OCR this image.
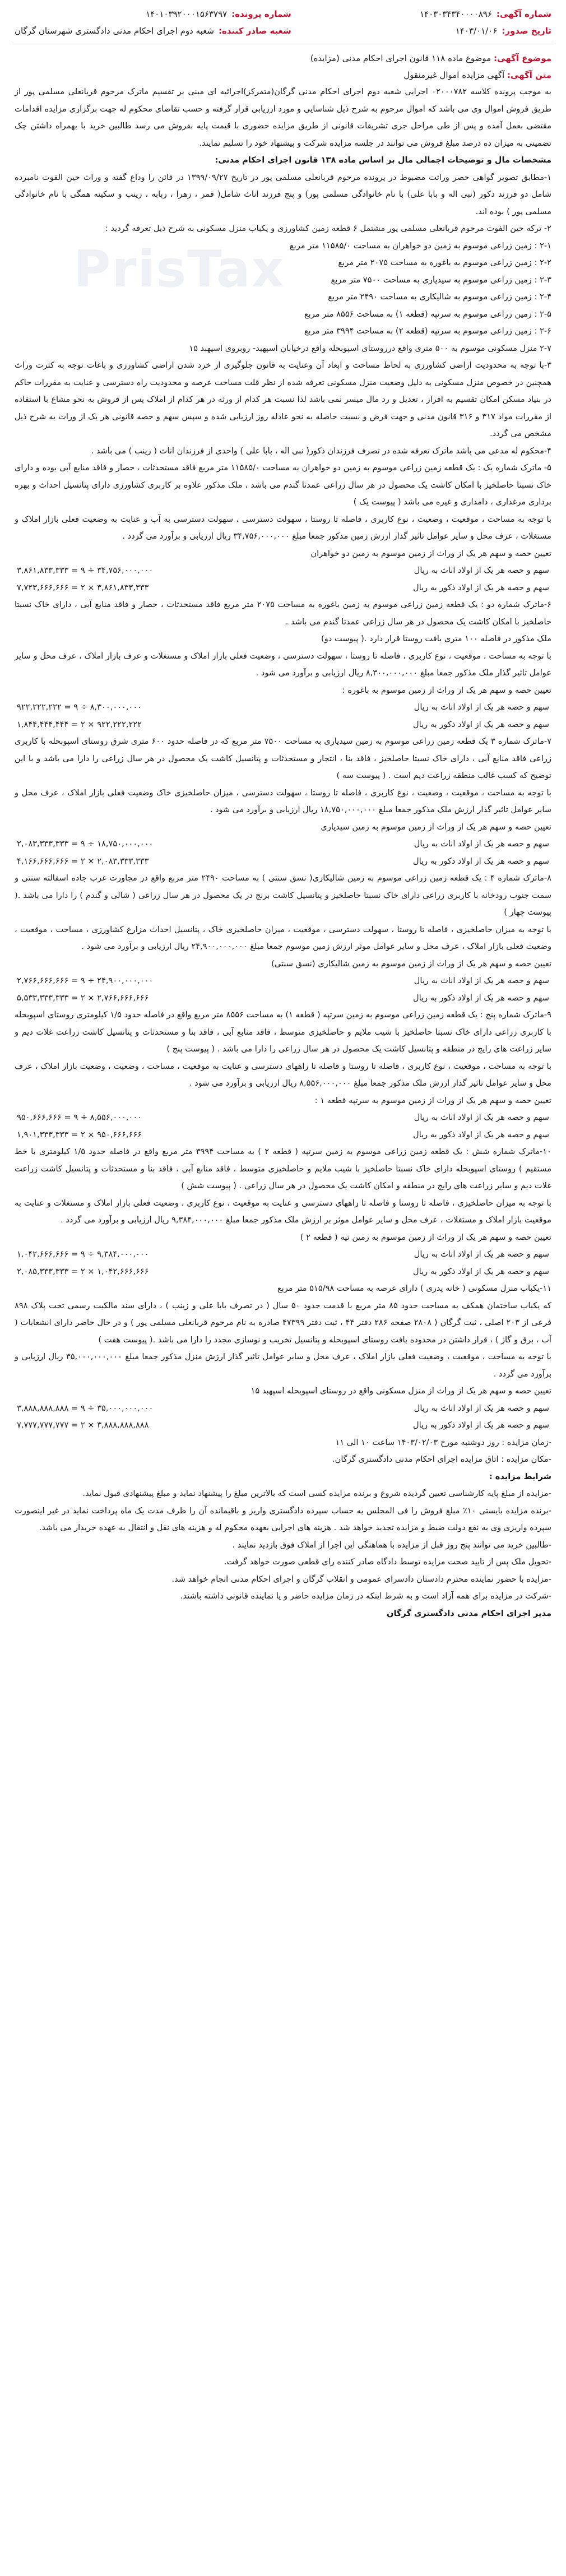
PrisTax
شماره آگهی:
۱۴۰۳۰۳۴۳۴۰۰۰۰۸۹۶
تاریخ صدور:
۱۴۰۳/۰۱/۰۶
شماره پرونده:
۱۴۰۱۰۳۹۲۰۰۰۱۵۶۳۷۹۷
شعبه صادر کننده:
شعبه دوم اجرای احکام مدنی دادگستری شهرستان گرگان
موضوع آگهی: موضوع ماده ۱۱۸ قانون اجرای احکام مدنی (مزایده)
متن آگهی: آگهی مزایده اموال غیرمنقول
به موجب پرونده کلاسه ۰۲۰۰۰۷۸۲ اجرایی شعبه دوم اجرای احکام مدنی گرگان(متمرکز)اجرائیه ای مبنی بر تقسیم ماترک مرحوم قربانعلی مسلمی پور از طریق فروش اموال وی می باشد که اموال مرحوم به شرح ذیل شناسایی و مورد ارزیابی قرار گرفته و حسب تقاضای محکوم له جهت برگزاری مزایده اقدامات مقتضی بعمل آمده و پس از طی مراحل جری تشریفات قانونی از طریق مزایده حضوری با قیمت پایه بفروش می رسد طالبین خرید با بهمراه داشتن چک تضمینی به میزان ده درصد مبلغ فروش می توانند در جلسه مزایده شرکت و پیشنهاد خود را تسلیم نمایند.
مشخصات مال و توضیحات اجمالی مال بر اساس ماده ۱۳۸ قانون اجرای احکام مدنی:
۱-مطابق تصویر گواهی حصر وراثت مضبوط در پرونده مرحوم قربانعلی مسلمی پور در تاریخ ۱۳۹۹/۰۹/۲۷ در قائن را وداع گفته و وراث حین الفوت نامبرده شامل دو فرزند ذکور (نبی اله و بابا علی) با نام خانوادگی مسلمی پور) و پنج فرزند اناث شامل( قمر ، زهرا ، ربابه ، زینب و سکینه همگی با نام خانوادگی مسلمی پور ) بوده اند.
۲- ترکه حین الفوت مرحوم قربانعلی مسلمی پور مشتمل ۶ قطعه زمین کشاورزی و یکباب منزل مسکونی به شرح ذیل تعرفه گردید :
۲-۱ : زمین زراعی موسوم به زمین دو خواهران به مساحت ۱۱۵۸۵/۰ متر مربع
۲-۲ : زمین زراعی موسوم به باغوره به مساحت ۲۰۷۵ متر مربع
۲-۳ : زمین زراعی موسوم به سیدیاری به مساحت ۷۵۰۰ متر مربع
۲-۴ : زمین زراعی موسوم به شالیکاری به مساحت ۲۴۹۰ متر مربع
۲-۵ : زمین زراعی موسوم به سرتپه (قطعه ۱) به مساحت ۸۵۵۶ متر مربع
۲-۶ : زمین زراعی موسوم به سرتپه (قطعه ۲) به مساحت ۳۹۹۴ متر مربع
۲-۷ منزل مسکونی موسوم به ۵۰۰ متری واقع درروستای اسپوبحله واقع درخیابان اسپهبد- روبروی اسپهبد ۱۵
۳-با توجه به محدودیت اراضی کشاورزی به لحاظ مساحت و ابعاد آن وعنایت به قانون جلوگیری از خرد شدن اراضی کشاورزی و باغات توجه به کثرت وراث همچنین در خصوص منزل مسکونی به دلیل وضعیت منزل مسکونی تعرفه شده از نظر قلت مساحت عرصه و محدودیت راه دسترسی و عنایت به مقررات حاکم در بنیاد مسکن امکان تقسیم به افراز ، تعدیل و رد مال میسر نمی باشد لذا نسبت هر کدام از ورثه در هر کدام از املاک پس از فروش به نحو مشاع با استفاده از مقررات مواد ۳۱۷ و ۳۱۶ قانون مدنی و جهت فرض و نسبت حاصله به نحو عادله روز ارزیابی شده و سپس سهم و حصه قانونی هر یک از وراث به شرح ذیل مشخص می گردد.
۴-محکوم له مدعی می باشد ماترک تعرفه شده در تصرف فرزندان ذکور( نبی اله ، بابا علی ) واحدی از فرزندان اناث ( زینب ) می باشد .
۵- ماترک شماره یک : یک قطعه زمین زراعی موسوم به زمین دو خواهران به مساحت ۱۱۵۸۵/۰ متر مربع فاقد مستحدثات ، حصار و فاقد منابع آبی بوده و دارای خاک نسبتا حاصلخیز با امکان کاشت یک محصول در هر سال زراعی عمدتا گندم می باشد ، ملک مذکور علاوه بر کاربری کشاورزی دارای پتانسیل احداث و بهره برداری مرغداری ، دامداری و غیره می باشد ( پیوست یک )
با توجه به مساحت ، موقعیت ، وضعیت ، نوع کاربری ، فاصله تا روستا ، سهولت دسترسی ، سهولت دسترسی به آب و عنایت به وضعیت فعلی بازار املاک و مستغلات ، عرف محل و سایر عوامل تاثیر گذار ارزش زمین مذکور جمعا مبلغ ۳۴,۷۵۶,۰۰۰,۰۰۰ ریال ارزیابی و برآورد می گردد .
تعیین حصه و سهم هر یک از وراث از زمین موسوم به زمین دو خواهران
سهم و حصه هر یک از اولاد اناث به ریال
۳۴,۷۵۶,۰۰۰,۰۰۰ ÷ ۹ = ۳,۸۶۱,۸۳۳,۳۳۳
سهم و حصه هر یک از اولاد ذکور به ریال
۳,۸۶۱,۸۳۳,۳۳۳ × ۲ = ۷,۷۲۳,۶۶۶,۶۶۶
۶-ماترک شماره دو : یک قطعه زمین زراعی موسوم به زمین باغوره به مساحت ۲۰۷۵ متر مربع فاقد مستحدثات ، حصار و فاقد منابع آبی ، دارای خاک نسبتا حاصلخیز با امکان کاشت یک محصول در هر سال زراعی عمدتا گندم می باشد .
ملک مذکور در فاصله ۱۰۰ متری بافت روستا قرار دارد .( پیوست دو)
با توجه به مساحت ، موقعیت ، نوع کاربری ، فاصله تا روستا ، سهولت دسترسی ، وضعیت فعلی بازار املاک و مستغلات و عرف بازار املاک ، عرف محل و سایر عوامل تاثیر گذار ملک مذکور جمعا مبلغ ۸,۳۰۰,۰۰۰,۰۰۰ ریال ارزیابی و برآورد می شود .
تعیین حصه و سهم هر یک از وراث از زمین موسوم به باغوره :
سهم و حصه هر یک از اولاد اناث به ریال
۸,۳۰۰,۰۰۰,۰۰۰ ÷ ۹ = ۹۲۲,۲۲۲,۲۲۲
سهم و حصه هر یک از اولاد ذکور به ریال
۹۲۲,۲۲۲,۲۲۲ × ۲ = ۱,۸۴۴,۴۴۴,۴۴۴
۷-ماترک شماره ۳ یک قطعه زمین زراعی موسوم به زمین سیدیاری به مساحت ۷۵۰۰ متر مربع که در فاصله حدود ۶۰۰ متری شرق روستای اسپوبحله با کاربری زراعی فاقد منابع آبی ، دارای خاک نسبتا حاصلخیز ، فاقد بنا ، انتجار و مستحدثات و پتانسیل کاشت یک محصول در هر سال زراعی را دارا می باشد و با این توضیح که کسب غالب منطقه زراعت دیم است . ( پیوست سه )
با توجه به مساحت ، موقعیت ، وضعیت ، نوع کاربری ، فاصله تا روستا ، سهولت دسترسی ، میزان حاصلخیزی خاک وضعیت فعلی بازار املاک ، عرف محل و سایر عوامل تاثیر گذار ارزش ملک مذکور جمعا مبلغ ۱۸,۷۵۰,۰۰۰,۰۰۰ ریال ارزیابی و برآورد می شود .
تعیین حصه و سهم هر یک از وراث از زمین موسوم به زمین سیدیاری
سهم و حصه هر یک از اولاد اناث به ریال
۱۸,۷۵۰,۰۰۰,۰۰۰ ÷ ۹ = ۲,۰۸۳,۳۳۳,۳۳۳
سهم و حصه هر یک از اولاد ذکور به ریال
۲,۰۸۳,۳۳۳,۳۳۳ × ۲ = ۴,۱۶۶,۶۶۶,۶۶۶
۸-ماترک شماره ۴ : یک قطعه زمین زراعی موسوم به زمین شالیکاری( نسق سنتی ) به مساحت ۲۴۹۰ متر مربع واقع در مجاورت غرب جاده اسفالته سنتی و سمت جنوب رودخانه با کاربری زراعی دارای خاک نسبتا حاصلخیز و پتانسیل کاشت برنج در یک محصول در هر سال زراعی ( شالی و گندم ) را دارا می باشد .( پیوست چهار )
با توجه به میزان حاصلخیزی ، فاصله تا روستا ، سهولت دسترسی ، موقعیت ، میزان حاصلخیزی خاک ، پتانسیل احداث مزارع کشاورزی ، مساحت ، موقعیت ، وضعیت فعلی بازار املاک ، عرف محل و سایر عوامل موثر ارزش زمین موسوم جمعا مبلغ ۲۴,۹۰۰,۰۰۰,۰۰۰ ریال ارزیابی و برآورد می شود .
تعیین حصه و سهم هر یک از وراث از زمین موسوم به زمین شالیکاری (نسق سنتی)
سهم و حصه هر یک از اولاد اناث به ریال
۲۴,۹۰۰,۰۰۰,۰۰۰ ÷ ۹ = ۲,۷۶۶,۶۶۶,۶۶۶
سهم و حصه هر یک از اولاد ذکور به ریال
۲,۷۶۶,۶۶۶,۶۶۶ × ۲ = ۵,۵۳۳,۳۳۳,۳۳۳
۹-ماترک شماره پنج : یک قطعه زمین زراعی موسوم به زمین سرتپه ( قطعه ۱) به مساحت ۸۵۵۶ متر مربع واقع در فاصله حدود ۱/۵ کیلومتری روستای اسپوبحله با کاربری زراعی دارای خاک نسبتا حاصلخیز با شیب ملایم و حاصلخیزی متوسط ، فاقد منابع آبی ، فاقد بنا و مستحدثات و پتانسیل کاشت زراعت غلات دیم و سایر زراعت های رایج در منطقه و پتانسیل کاشت یک محصول در هر سال زراعی را دارا می باشد . ( پیوست پنج )
با توجه به مساحت ، موقعیت ، نوع کاربری ، فاصله تا روستا و فاصله تا راههای دسترسی و عنایت به موقعیت ، مساحت ، وضعیت ، وضعیت بازار املاک ، عرف محل و سایر عوامل تاثیر گذار ارزش ملک مذکور جمعا مبلغ ۸,۵۵۶,۰۰۰,۰۰۰ ریال ارزیابی و برآورد می شود .
تعیین حصه و سهم هر یک از وراث از زمین موسوم به سرتپه قطعه ۱ :
سهم و حصه هر یک از اولاد اناث به ریال
۸,۵۵۶,۰۰۰,۰۰۰ ÷ ۹ = ۹۵۰,۶۶۶,۶۶۶
سهم و حصه هر یک از اولاد ذکور به ریال
۹۵۰,۶۶۶,۶۶۶ × ۲ = ۱,۹۰۱,۳۳۳,۳۳۳
۱۰-ماترک شماره شش : یک قطعه زمین زراعی موسوم به زمین سرتپه ( قطعه ۲ ) به مساحت ۳۹۹۴ متر مربع واقع در فاصله حدود ۱/۵ کیلومتری با خط مستقیم ) روستای اسپوبحله دارای خاک نسبتا حاصلخیز با شیب ملایم و حاصلخیزی متوسط ، فاقد منابع آبی ، فاقد بنا و مستحدثات و پتانسیل کاشت زراعت غلات دیم و سایر زراعت های رایج در منطقه و امکان کاشت یک محصول در هر سال زراعی . ( پیوست شش )
با توجه به میزان حاصلخیزی ، فاصله تا روستا و فاصله تا راههای دسترسی و عنایت به موقعیت ، نوع کاربری ، وضعیت فعلی بازار املاک و مستغلات و عنایت به موقعیت بازار املاک و مستغلات ، عرف محل و سایر عوامل موثر بر ارزش ملک مذکور جمعا مبلغ ۹,۳۸۴,۰۰۰,۰۰۰ ریال ارزیابی و برآورد می گردد .
تعیین حصه و سهم هر یک از وراث از زمین موسوم به زمین تپه ( قطعه ۲ )
سهم و حصه هر یک از اولاد اناث به ریال
۹,۳۸۴,۰۰۰,۰۰۰ ÷ ۹ = ۱,۰۴۲,۶۶۶,۶۶۶
سهم و حصه هر یک از اولاد ذکور به ریال
۱,۰۴۲,۶۶۶,۶۶۶ × ۲ = ۲,۰۸۵,۳۳۳,۳۳۳
۱۱-یکباب منزل مسکونی ( خانه پدری ) دارای عرصه به مساحت ۵۱۵/۹۸ متر مربع
که یکباب ساختمان همکف به مساحت حدود ۸۵ متر مربع با قدمت حدود ۵۰ سال ( در تصرف بابا علی و زینب ) ، دارای سند مالکیت رسمی تحت پلاک ۸۹۸ فرعی از ۲۰۳ اصلی ، ثبت گرگان ( ۲۸۰۸ صفحه ۲۸۶ دفتر ۴۴ ، ثبت دفتر ۴۷۳۹۹ صادره به نام مرحوم قربانعلی مسلمی پور ) و در حال حاضر دارای انشعابات ( آب ، برق و گاز ) ، قرار داشتن در محدوده بافت روستای اسپوبحله و پتانسیل تخریب و نوسازی مجدد را دارا می باشد .( پیوست هفت )
با توجه به مساحت ، موقعیت ، وضعیت فعلی بازار املاک ، عرف محل و سایر عوامل تاثیر گذار ارزش منزل مذکور جمعا مبلغ ۳۵,۰۰۰,۰۰۰,۰۰۰ ریال ارزیابی و برآورد می گردد .
تعیین حصه و سهم هر یک از وراث از منزل مسکونی واقع در روستای اسپوبحله اسپهبد ۱۵
سهم و حصه هر یک از اولاد اناث به ریال
۳۵,۰۰۰,۰۰۰,۰۰۰ ÷ ۹ = ۳,۸۸۸,۸۸۸,۸۸۸
سهم و حصه هر یک از اولاد ذکور به ریال
۳,۸۸۸,۸۸۸,۸۸۸ × ۲ = ۷,۷۷۷,۷۷۷,۷۷۷
-زمان مزایده : روز دوشنبه مورخ ۱۴۰۳/۰۲/۰۳ ساعت ۱۰ الی ۱۱
-مکان مزایده : اتاق مزایده اجرای احکام مدنی دادگستری گرگان.
شرایط مزایده :
-مزایده از مبلغ پایه کارشناسی تعیین گردیده شروع و برنده مزایده کسی است که بالاترین مبلغ را پیشنهاد نماید و مبلغ پیشنهادی قبول نماید.
-برنده مزایده بایستی ۱۰٪ مبلغ فروش را فی المجلس به حساب سپرده دادگستری واریز و باقیمانده آن را ظرف مدت یک ماه پرداخت نماید در غیر اینصورت سپرده واریزی وی به نفع دولت ضبط و مزایده تجدید خواهد شد . هزینه های اجرایی بعهده محکوم له و هزینه های نقل و انتقال به عهده خریدار می باشد.
-طالبین خرید می توانند پنج روز قبل از مزایده با هماهنگی این اجرا از املاک فوق بازدید نمایند .
-تحویل ملک پس از تایید صحت مزایده توسط دادگاه صادر کننده رای قطعی صورت خواهد گرفت.
-مزایده با حضور نماینده محترم دادستان دادسرای عمومی و انقلاب گرگان و اجرای احکام مدنی انجام خواهد شد.
-شرکت در مزایده برای همه آزاد است و به شرط اینکه در زمان مزایده حاضر و یا نماینده قانونی داشته باشند.
مدیر اجرای احکام مدنی دادگستری گرگان
